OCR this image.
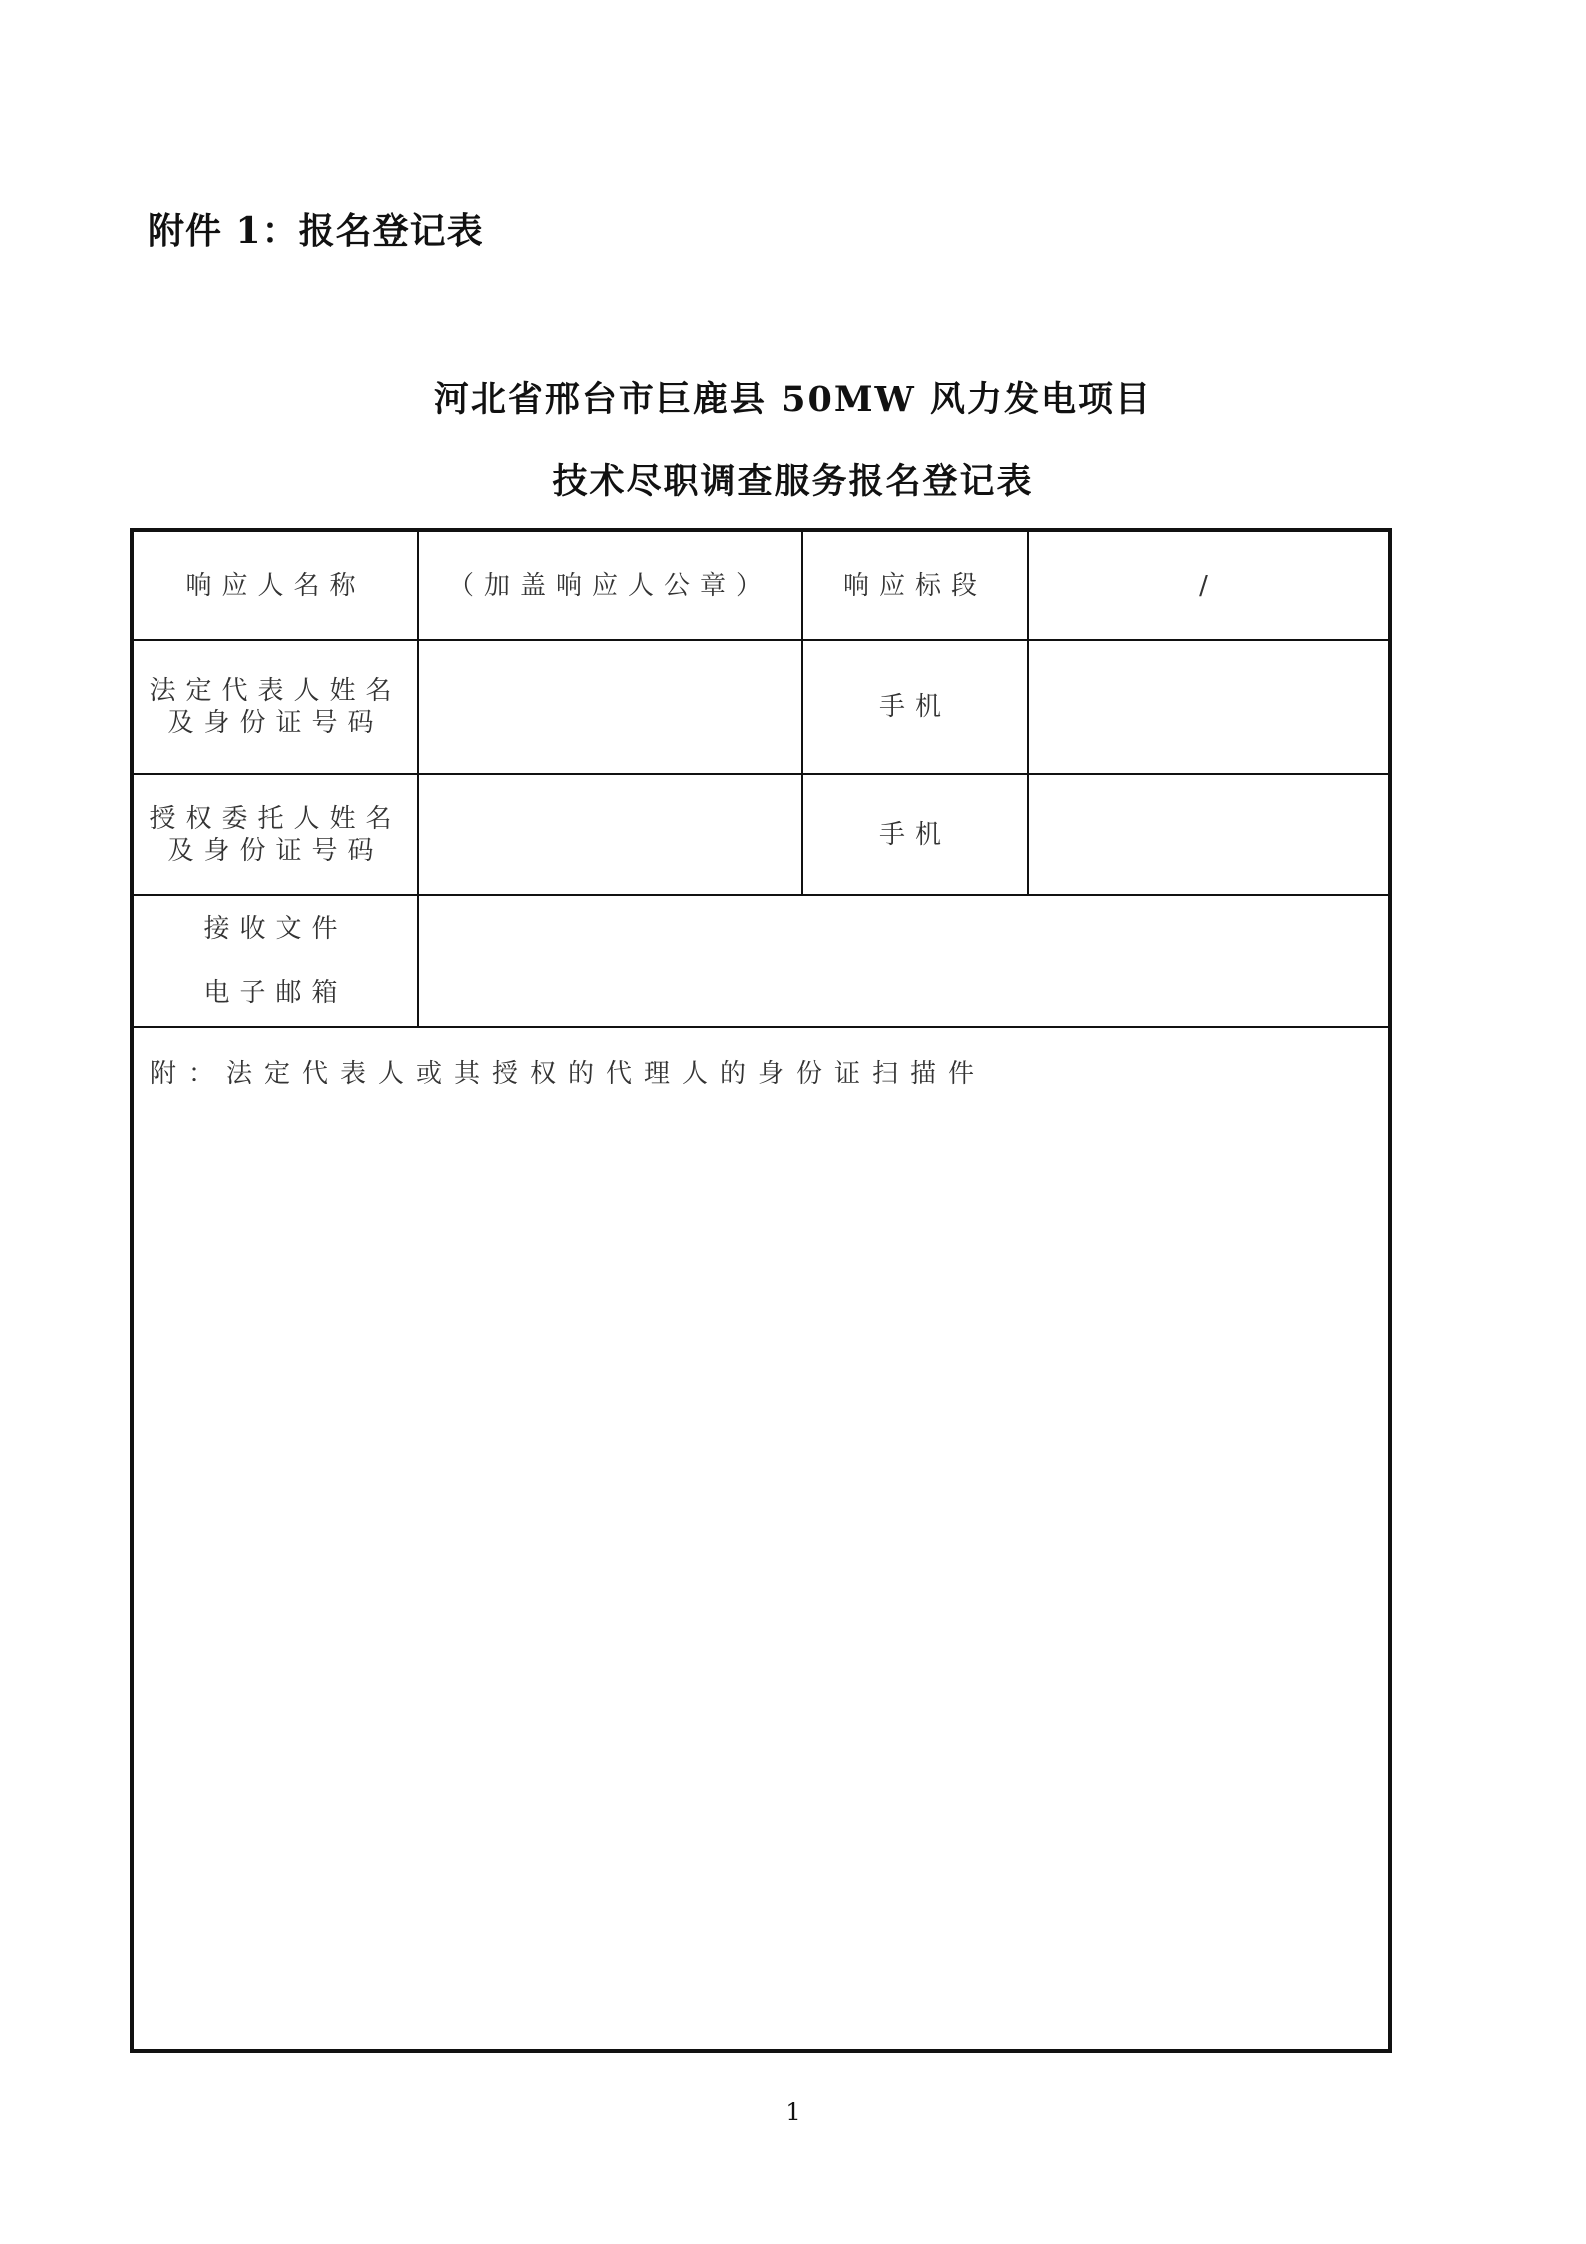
附件 1：报名登记表
河北省邢台市巨鹿县 50MW 风力发电项目
技术尽职调查服务报名登记表
响应人名称	（加盖响应人公章）	响应标段	/

法定代表人姓名
及身份证号码		手机	

授权委托人姓名
及身份证号码		手机	

接收文件
电子邮箱			

附：法定代表人或其授权的代理人的身份证扫描件			
1
